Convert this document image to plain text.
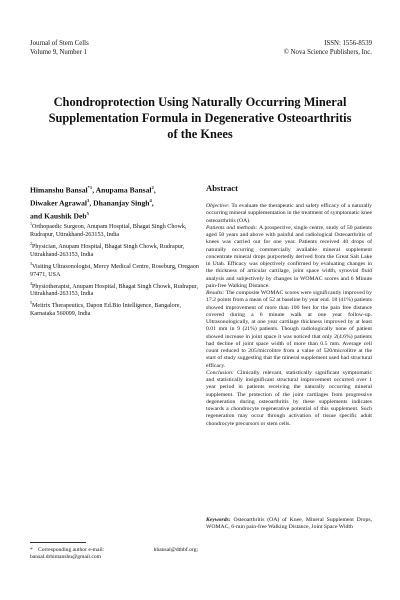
Journal of Stem Cells
Volume 9, Number 1
ISSN: 1556-8539
© Nova Science Publishers, Inc.
Chondroprotection Using Naturally Occurring Mineral
Supplementation Formula in Degenerative Osteoarthritis
of the Knees
Himanshu Bansal$^{*1}$, Anupama Bansal$^2$,
Diwaker Agrawal$^3$, Dhananjay Singh$^4$,
and Kaushik Deb$^5$
$^1$Orthopaedic Surgeon, Anupam Hospital, Bhagat Singh Chowk, Rudrapur, Uttrakhand-263153, India
$^2$Physician, Anupam Hospital, Bhagat Singh Chowk, Rudrapur, Uttrakhand-263153, India
$^3$Visiting Ultrasonologist, Mercy Medical Centre, Roseburg, Oregaon 97471, USA
$^4$Physiotherapist, Anupam Hospital, Bhagat Singh Chowk, Rudrapur, Uttrakhand-263153, India
$^5$Meitrix Therapeutics, Dapon Ed.Bio Intelligence, Bangalore, Karnataka 560099, India
* Corresponding author e-mail:	hbansal@dthbf.org;
bansal.drhimanshu@gmail.com
Abstract

Objective: To evaluate the therapeutic and safety efficacy of a naturally occurring mineral supplementation in the treatment of symptomatic knee osteoarthritis (OA).

Patients and methods: A prospective, single centre, study of 50 patients aged 50 years and above with painful and radiological Osteoarthritis of knees was carried out for one year. Patients received 40 drops of naturally occurring commercially available mineral supplement concentrate mineral drops purportedly derived from the Great Salt Lake in Utah. Efficacy was objectively confirmed by evaluating changes in the thickness of articular cartilage, joint space width, synovial fluid analysis and subjectively by changes in WOMAC scores and 6 Minute pain-free Walking Distance.

Results: The composite WOMAC scores were significantly improved by 17.2 points from a mean of 52 at baseline by year end. 18 (41%) patients showed improvement of more than 100 feet for the pain free distance covered during a 6 minute walk at one year follow-up. Ultrasonologically, at one year cartilage thickness improved by at least 0.01 mm in 9 (21%) patients. Though radiologically none of patient showed increase in joint space it was noticed that only 2(4.6%) patients had decline of joint space width of more than 0.5 mm. Average cell count reduced to 205/microlitre from a value of 520/microlitre at the start of study suggesting that the mineral supplement used had structural efficacy.

Conclusion: Clinically relevant, statistically significant symptomatic and statistically insignificant structural improvement occurred over 1 year period in patients receiving the naturally occurring mineral supplement. The protection of the joint cartilages from progressive degeneration during osteoarthritis by these supplements indicates towards a chondrocyte regenerative potential of this supplement. Such regeneration may occur through activation of tissue specific adult chondrocyte precursors or stem cells.

Keywords: Osteoarthritis (OA) of Knee, Mineral Supplement Drops, WOMAC, 6-min pain-free Walking Distance, Joint Space Width
